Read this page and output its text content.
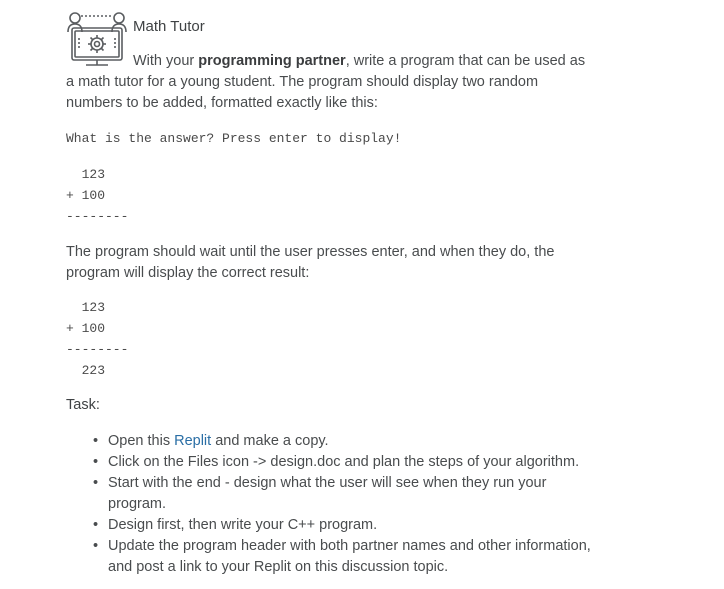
Math Tutor

With your programming partner, write a program that can be used as a math tutor for a young student. The program should display two random numbers to be added, formatted exactly like this:

What is the answer? Press enter to display!
123
+ 100
--------

The program should wait until the user presses enter, and when they do, the program will display the correct result:

123
+ 100
--------
223
Task:
• Open this Replit and make a copy.
• Click on the Files icon -> design.doc and plan the steps of your algorithm.
• Start with the end - design what the user will see when they run your program.
• Design first, then write your C++ program.
• Update the program header with both partner names and other information, and post a link to your Replit on this discussion topic.
